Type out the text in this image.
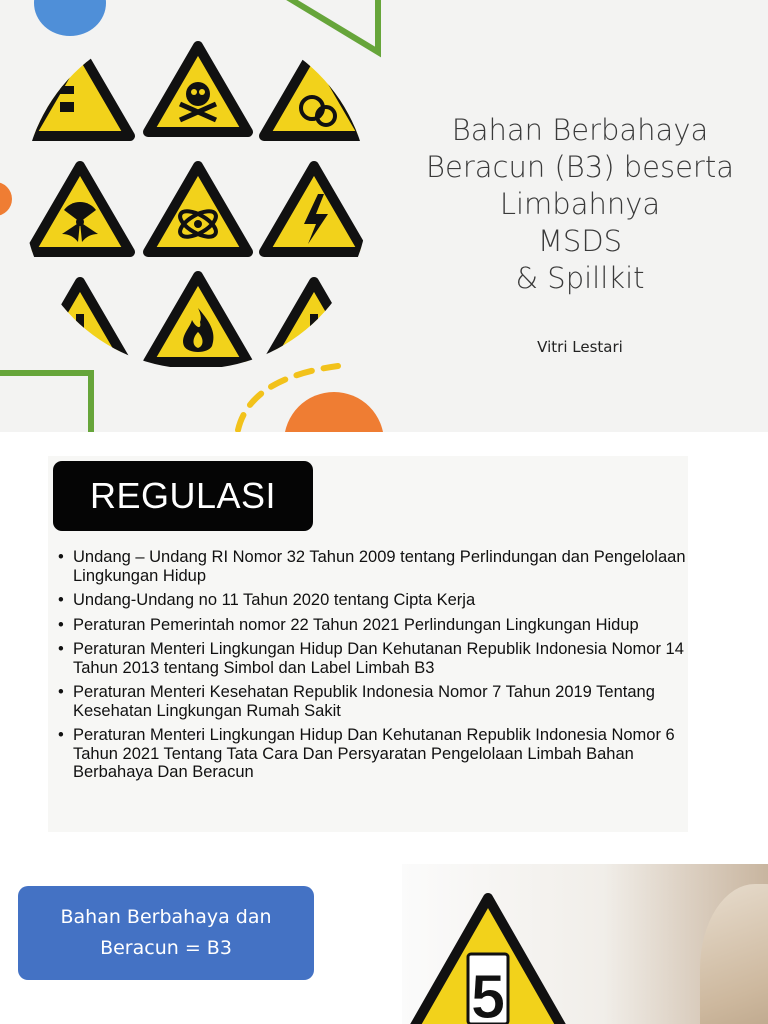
Bahan Berbahaya
Beracun (B3) beserta
Limbahnya
MSDS
& Spillkit
Vitri Lestari
REGULASI
• Undang – Undang RI Nomor 32 Tahun 2009 tentang Perlindungan dan Pengelolaan Lingkungan Hidup
• Undang-Undang no 11 Tahun 2020 tentang Cipta Kerja
• Peraturan Pemerintah nomor 22 Tahun 2021 Perlindungan Lingkungan Hidup
• Peraturan Menteri Lingkungan Hidup Dan Kehutanan Republik Indonesia Nomor 14 Tahun 2013 tentang Simbol dan Label Limbah B3
• Peraturan Menteri Kesehatan Republik Indonesia Nomor 7 Tahun 2019 Tentang Kesehatan Lingkungan Rumah Sakit
• Peraturan Menteri Lingkungan Hidup Dan Kehutanan Republik Indonesia Nomor 6 Tahun 2021 Tentang Tata Cara Dan Persyaratan Pengelolaan Limbah Bahan Berbahaya Dan Beracun
Bahan Berbahaya dan
Beracun = B3
5
